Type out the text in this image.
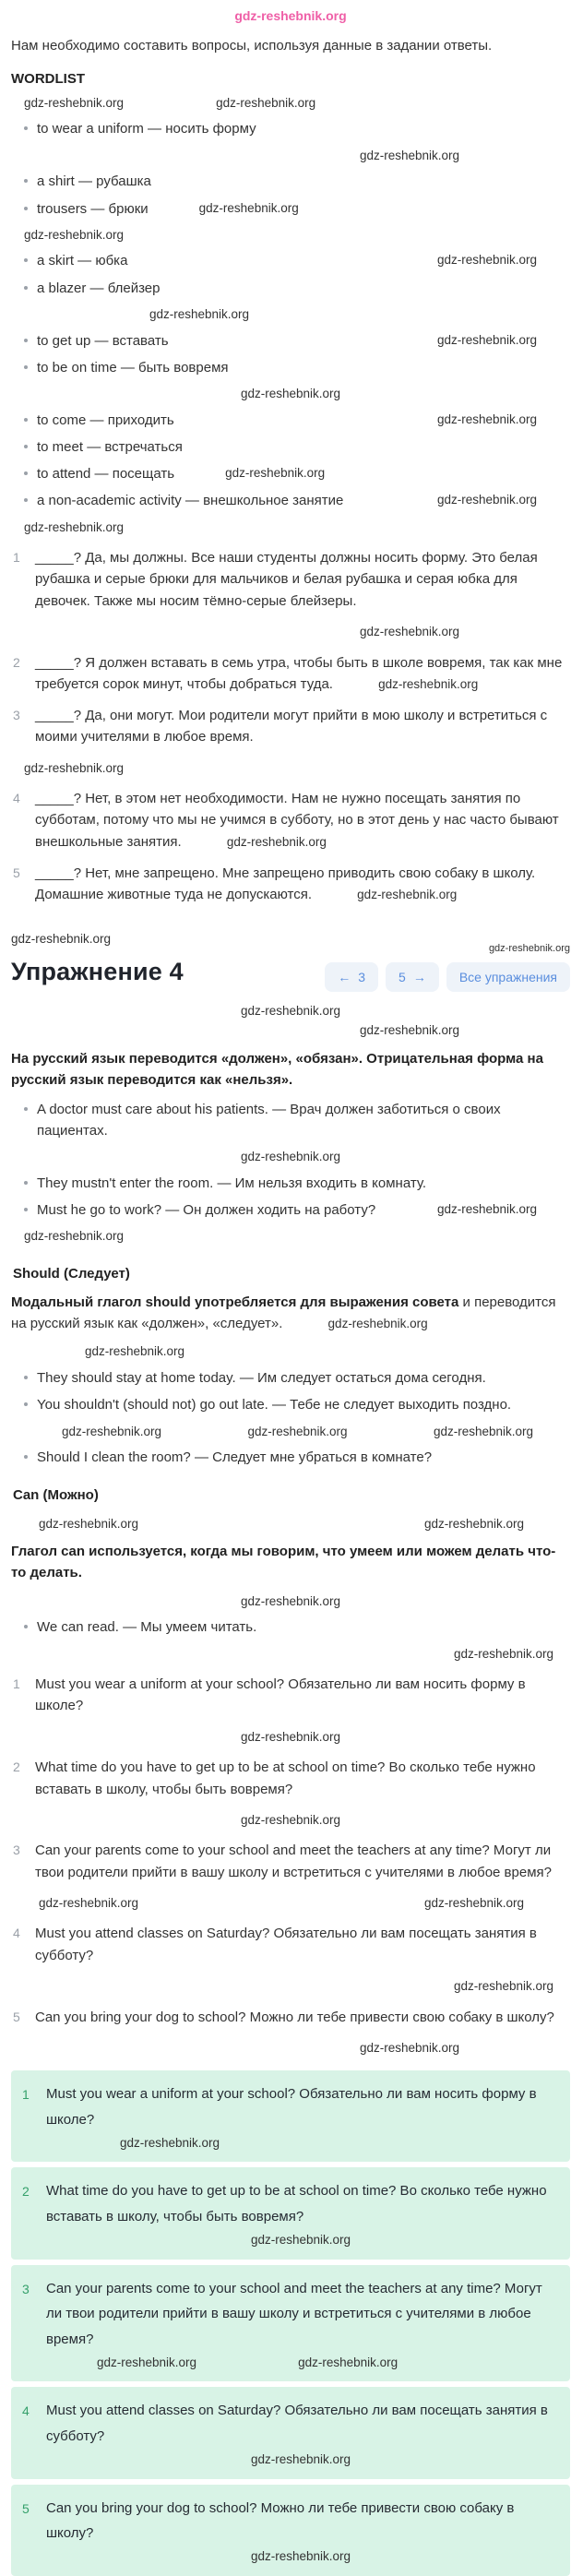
gdz-reshebnik.org

Нам необходимо составить вопросы, используя данные в задании ответы.

WORDLIST
gdz-reshebnik.org	gdz-reshebnik.org
to wear a uniform — носить форму
gdz-reshebnik.org
a shirt — рубашка
trousers — брюки	gdz-reshebnik.org
gdz-reshebnik.org
a skirt — юбка	gdz-reshebnik.org
a blazer — блейзер
gdz-reshebnik.org
to get up — вставать	gdz-reshebnik.org
to be on time — быть вовремя
gdz-reshebnik.org
to come — приходить	gdz-reshebnik.org
to meet — встречаться
to attend — посещать	gdz-reshebnik.org
a non-academic activity — внешкольное занятие	gdz-reshebnik.org
gdz-reshebnik.org
1 _____? Да, мы должны. Все наши студенты должны носить форму. Это белая рубашка и серые брюки для мальчиков и белая рубашка и серая юбка для девочек. Также мы носим тёмно-серые блейзеры.
gdz-reshebnik.org
2 _____? Я должен вставать в семь утра, чтобы быть в школе вовремя, так как мне требуется сорок минут, чтобы добраться туда.	gdz-reshebnik.org
3 _____? Да, они могут. Мои родители могут прийти в мою школу и встретиться с моими учителями в любое время.
gdz-reshebnik.org
4 _____? Нет, в этом нет необходимости. Нам не нужно посещать занятия по субботам, потому что мы не учимся в субботу, но в этот день у нас часто бывают внешкольные занятия.	gdz-reshebnik.org
5 _____? Нет, мне запрещено. Мне запрещено приводить свою собаку в школу. Домашние животные туда не допускаются.	gdz-reshebnik.org
gdz-reshebnik.org
Упражнение 4
gdz-reshebnik.org
← 3	5 →	Все упражнения
gdz-reshebnik.org
gdz-reshebnik.org

На русский язык переводится «должен», «обязан». Отрицательная форма на русский язык переводится как «нельзя».

A doctor must care about his patients. — Врач должен заботиться о своих пациентах.
gdz-reshebnik.org
They mustn't enter the room. — Им нельзя входить в комнату.
Must he go to work? — Он должен ходить на работу?	gdz-reshebnik.org
gdz-reshebnik.org
Should (Следует)

Модальный глагол should употребляется для выражения совета и переводится на русский язык как «должен», «следует».	gdz-reshebnik.org

gdz-reshebnik.org
They should stay at home today. — Им следует остаться дома сегодня.
You shouldn't (should not) go out late. — Тебе не следует выходить поздно.
gdz-reshebnik.org	gdz-reshebnik.org	gdz-reshebnik.org
Should I clean the room? — Следует мне убраться в комнате?
Can (Можно)
gdz-reshebnik.org	gdz-reshebnik.org

Глагол can используется, когда мы говорим, что умеем или можем делать что-то делать.

gdz-reshebnik.org
We can read. — Мы умеем читать.
gdz-reshebnik.org
1 Must you wear a uniform at your school? Обязательно ли вам носить форму в школе?
gdz-reshebnik.org
2 What time do you have to get up to be at school on time? Во сколько тебе нужно вставать в школу, чтобы быть вовремя?
gdz-reshebnik.org
3 Can your parents come to your school and meet the teachers at any time? Могут ли твои родители прийти в вашу школу и встретиться с учителями в любое время?
gdz-reshebnik.org	gdz-reshebnik.org
4 Must you attend classes on Saturday? Обязательно ли вам посещать занятия в субботу?
gdz-reshebnik.org
5 Can you bring your dog to school? Можно ли тебе привести свою собаку в школу?
gdz-reshebnik.org
1	Must you wear a uniform at your school? Обязательно ли вам носить форму в школе?
gdz-reshebnik.org
2	What time do you have to get up to be at school on time? Во сколько тебе нужно вставать в школу, чтобы быть вовремя?
gdz-reshebnik.org
3	Can your parents come to your school and meet the teachers at any time? Могут ли твои родители прийти в вашу школу и встретиться с учителями в любое время?
gdz-reshebnik.org	gdz-reshebnik.org
4	Must you attend classes on Saturday? Обязательно ли вам посещать занятия в субботу?
gdz-reshebnik.org
5	Can you bring your dog to school? Можно ли тебе привести свою собаку в школу?
gdz-reshebnik.org
